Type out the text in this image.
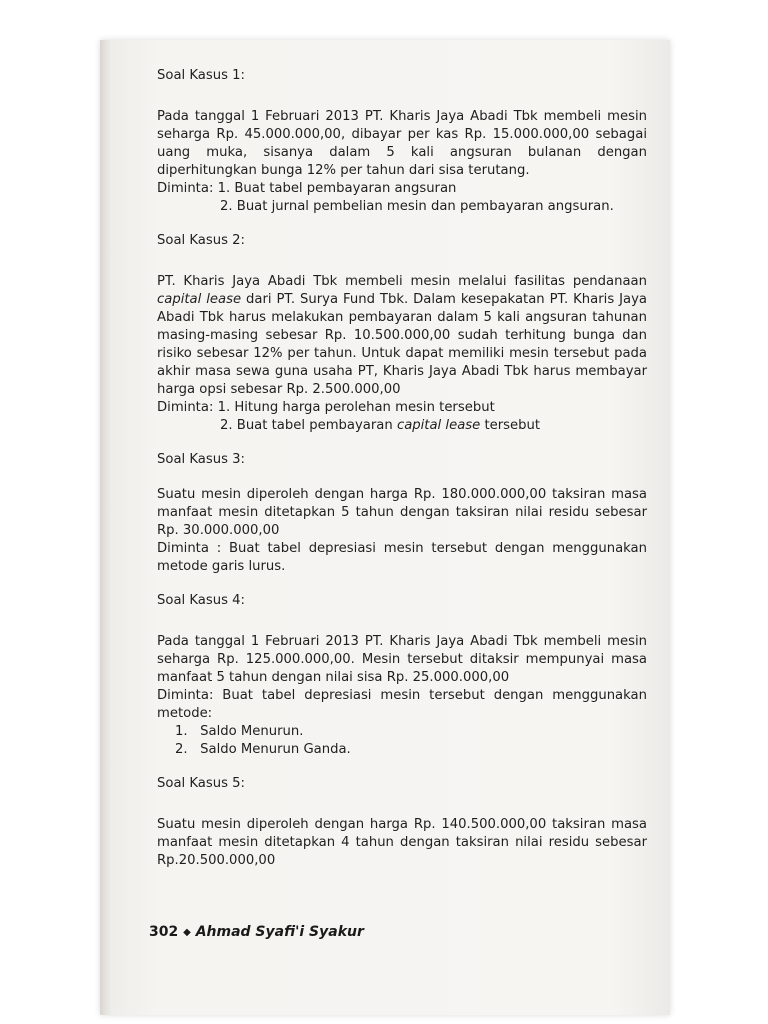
Soal Kasus 1:

Pada tanggal 1 Februari 2013 PT. Kharis Jaya Abadi Tbk membeli mesin seharga Rp. 45.000.000,00, dibayar per kas Rp. 15.000.000,00 sebagai uang muka, sisanya dalam 5 kali angsuran bulanan dengan diperhitungkan bunga 12% per tahun dari sisa terutang.

Diminta: 1. Buat tabel pembayaran angsuran
2. Buat jurnal pembelian mesin dan pembayaran angsuran.

Soal Kasus 2:

PT. Kharis Jaya Abadi Tbk membeli mesin melalui fasilitas pendanaan capital lease dari PT. Surya Fund Tbk. Dalam kesepakatan PT. Kharis Jaya Abadi Tbk harus melakukan pembayaran dalam 5 kali angsuran tahunan masing-masing sebesar Rp. 10.500.000,00 sudah terhitung bunga dan risiko sebesar 12% per tahun. Untuk dapat memiliki mesin tersebut pada akhir masa sewa guna usaha PT, Kharis Jaya Abadi Tbk harus membayar harga opsi sebesar Rp. 2.500.000,00

Diminta: 1. Hitung harga perolehan mesin tersebut
2. Buat tabel pembayaran capital lease tersebut

Soal Kasus 3:

Suatu mesin diperoleh dengan harga Rp. 180.000.000,00 taksiran masa manfaat mesin ditetapkan 5 tahun dengan taksiran nilai residu sebesar Rp. 30.000.000,00

Diminta : Buat tabel depresiasi mesin tersebut dengan menggunakan metode garis lurus.

Soal Kasus 4:

Pada tanggal 1 Februari 2013 PT. Kharis Jaya Abadi Tbk membeli mesin seharga Rp. 125.000.000,00. Mesin tersebut ditaksir mempunyai masa manfaat 5 tahun dengan nilai sisa Rp. 25.000.000,00

Diminta: Buat tabel depresiasi mesin tersebut dengan menggunakan metode:

1.   Saldo Menurun.
2.   Saldo Menurun Ganda.

Soal Kasus 5:

Suatu mesin diperoleh dengan harga Rp. 140.500.000,00 taksiran masa manfaat mesin ditetapkan 4 tahun dengan taksiran nilai residu sebesar Rp.20.500.000,00

302 ◆ Ahmad Syafi'i Syakur
